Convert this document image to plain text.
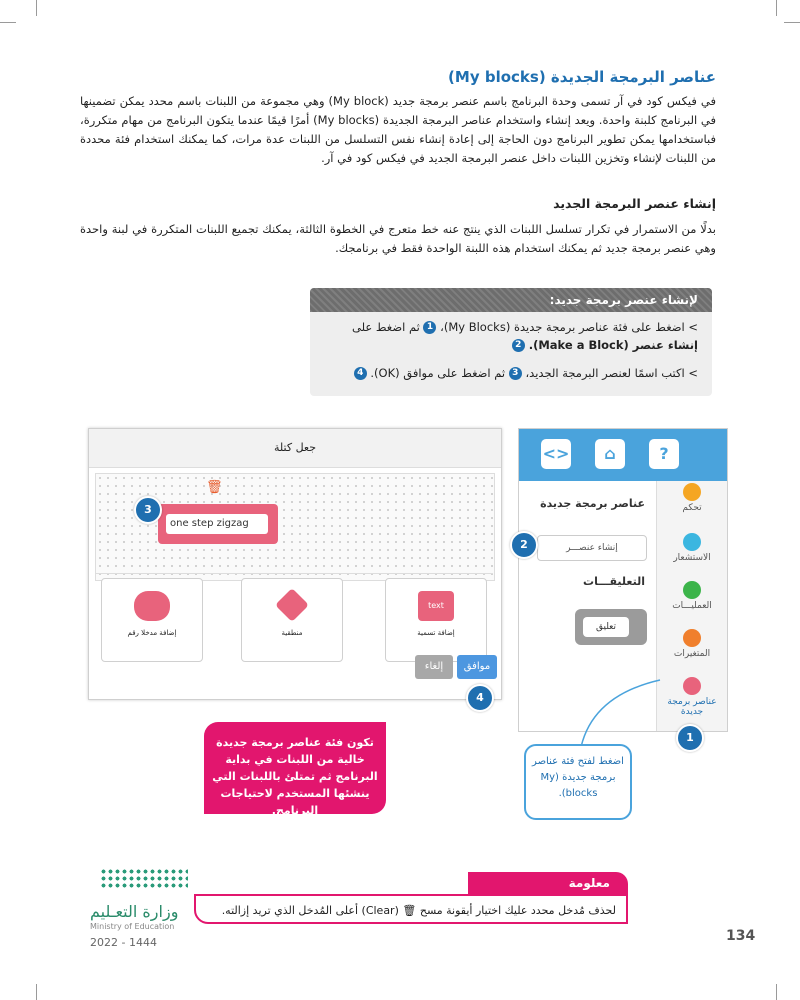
عناصر البرمجة الجديدة (My blocks)
في فيكس كود في آر تسمى وحدة البرنامج باسم عنصر برمجة جديد (My block) وهي مجموعة من اللبنات باسم محدد يمكن تضمينها في البرنامج كلبنة واحدة. ويعد إنشاء واستخدام عناصر البرمجة الجديدة (My blocks) أمرًا قيمًا عندما يتكون البرنامج من مهام متكررة، فباستخدامها يمكن تطوير البرنامج دون الحاجة إلى إعادة إنشاء نفس التسلسل من اللبنات عدة مرات، كما يمكنك استخدام فئة محددة من اللبنات لإنشاء وتخزين اللبنات داخل عنصر البرمجة الجديد في فيكس كود في آر.
إنشاء عنصر البرمجة الجديد
بدلًا من الاستمرار في تكرار تسلسل اللبنات الذي ينتج عنه خط متعرج في الخطوة الثالثة، يمكنك تجميع اللبنات المتكررة في لبنة واحدة وهي عنصر برمجة جديد ثم يمكنك استخدام هذه اللبنة الواحدة فقط في برنامجك.
لإنشاء عنصر برمجة جديد:
> اضغط على فئة عناصر برمجة جديدة (My Blocks)، 1 ثم اضغط على
إنشاء عنصر (Make a Block). 2
> اكتب اسمًا لعنصر البرمجة الجديد، 3 ثم اضغط على موافق (OK). 4
جعل كتلة
🗑
one step zigzag
إضافة مدخلا رقم	منطقية
text
إضافة تسمية
موافق
إلغاء
<>	⌂	?
عناصر برمجة جديدة
إنشاء عنصـــر
التعليقـــات
تعليق
تحكم
الاستشعار
العمليـــات
المتغيرات
عناصر برمجة جديدة
1
2
3
4
تكون فئة عناصر برمجة جديدة خالية من اللبنات في بداية البرنامج ثم تمتلئ باللبنات التي ينشئها المستخدم لاحتياجات البرنامج.
اضغط لفتح فئة عناصر برمجة جديدة (My blocks).
معلومة
لحذف مُدخل محدد عليك اختيار أيقونة مسح 🗑 (Clear) أعلى المُدخل الذي تريد إزالته.
وزارة التعـليم
Ministry of Education
2022 - 1444	134
